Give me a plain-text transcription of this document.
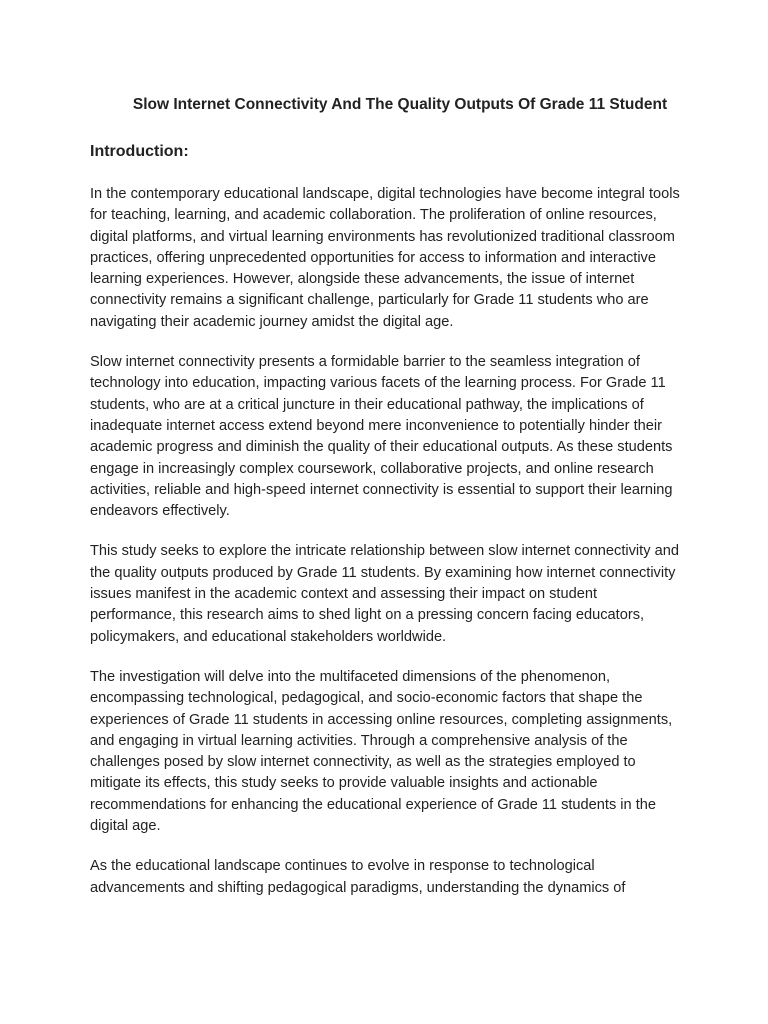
Slow Internet Connectivity And The Quality Outputs Of Grade 11 Student
Introduction:

In the contemporary educational landscape, digital technologies have become integral tools for teaching, learning, and academic collaboration. The proliferation of online resources, digital platforms, and virtual learning environments has revolutionized traditional classroom practices, offering unprecedented opportunities for access to information and interactive learning experiences. However, alongside these advancements, the issue of internet connectivity remains a significant challenge, particularly for Grade 11 students who are navigating their academic journey amidst the digital age.

Slow internet connectivity presents a formidable barrier to the seamless integration of technology into education, impacting various facets of the learning process. For Grade 11 students, who are at a critical juncture in their educational pathway, the implications of inadequate internet access extend beyond mere inconvenience to potentially hinder their academic progress and diminish the quality of their educational outputs. As these students engage in increasingly complex coursework, collaborative projects, and online research activities, reliable and high-speed internet connectivity is essential to support their learning endeavors effectively.

This study seeks to explore the intricate relationship between slow internet connectivity and the quality outputs produced by Grade 11 students. By examining how internet connectivity issues manifest in the academic context and assessing their impact on student performance, this research aims to shed light on a pressing concern facing educators, policymakers, and educational stakeholders worldwide.

The investigation will delve into the multifaceted dimensions of the phenomenon, encompassing technological, pedagogical, and socio-economic factors that shape the experiences of Grade 11 students in accessing online resources, completing assignments, and engaging in virtual learning activities. Through a comprehensive analysis of the challenges posed by slow internet connectivity, as well as the strategies employed to mitigate its effects, this study seeks to provide valuable insights and actionable recommendations for enhancing the educational experience of Grade 11 students in the digital age.

As the educational landscape continues to evolve in response to technological advancements and shifting pedagogical paradigms, understanding the dynamics of
